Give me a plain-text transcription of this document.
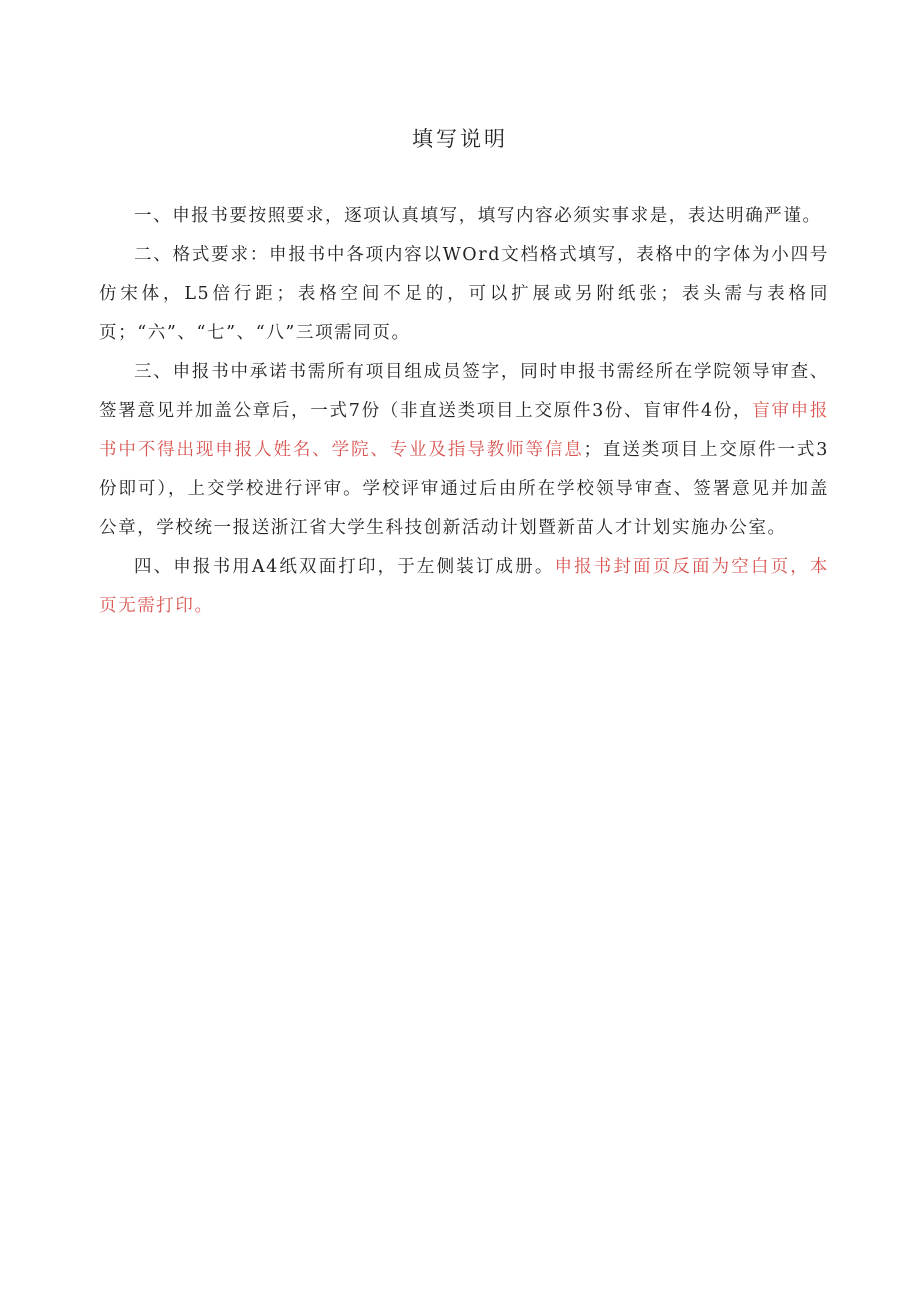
填写说明

一、申报书要按照要求，逐项认真填写，填写内容必须实事求是，表达明确严谨。

二、格式要求：申报书中各项内容以WOrd文档格式填写，表格中的字体为小四号仿宋体，L5倍行距；表格空间不足的，可以扩展或另附纸张；表头需与表格同页；“六”、“七”、“八”三项需同页。

三、申报书中承诺书需所有项目组成员签字，同时申报书需经所在学院领导审查、签署意见并加盖公章后，一式7份（非直送类项目上交原件3份、盲审件4份，盲审申报书中不得出现申报人姓名、学院、专业及指导教师等信息；直送类项目上交原件一式3份即可），上交学校进行评审。学校评审通过后由所在学校领导审查、签署意见并加盖公章，学校统一报送浙江省大学生科技创新活动计划暨新苗人才计划实施办公室。

四、申报书用A4纸双面打印，于左侧装订成册。申报书封面页反面为空白页，本页无需打印。
